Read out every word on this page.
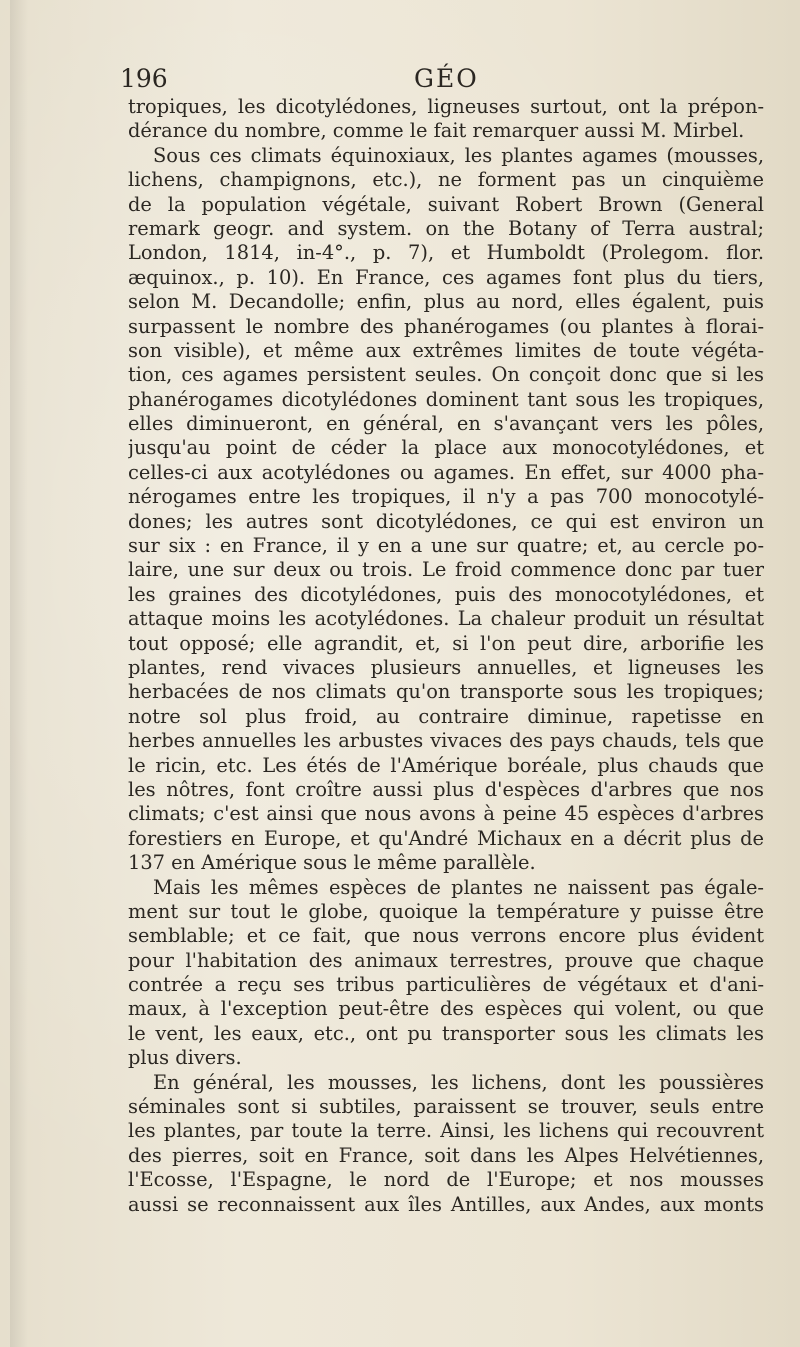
196	GÉO
tropiques, les dicotylédones, ligneuses surtout, ont la prépon-
dérance du nombre, comme le fait remarquer aussi M. Mirbel.
Sous ces climats équinoxiaux, les plantes agames (mousses,
lichens, champignons, etc.), ne forment pas un cinquième
de la population végétale, suivant Robert Brown (General
remark geogr. and system. on the Botany of Terra austral;
London, 1814, in-4°., p. 7), et Humboldt (Prolegom. flor.
æquinox., p. 10). En France, ces agames font plus du tiers,
selon M. Decandolle; enfin, plus au nord, elles égalent, puis
surpassent le nombre des phanérogames (ou plantes à florai-
son visible), et même aux extrêmes limites de toute végéta-
tion, ces agames persistent seules. On conçoit donc que si les
phanérogames dicotylédones dominent tant sous les tropiques,
elles diminueront, en général, en s'avançant vers les pôles,
jusqu'au point de céder la place aux monocotylédones, et
celles-ci aux acotylédones ou agames. En effet, sur 4000 pha-
nérogames entre les tropiques, il n'y a pas 700 monocotylé-
dones; les autres sont dicotylédones, ce qui est environ un
sur six : en France, il y en a une sur quatre; et, au cercle po-
laire, une sur deux ou trois. Le froid commence donc par tuer
les graines des dicotylédones, puis des monocotylédones, et
attaque moins les acotylédones. La chaleur produit un résultat
tout opposé; elle agrandit, et, si l'on peut dire, arborifie les
plantes, rend vivaces plusieurs annuelles, et ligneuses les
herbacées de nos climats qu'on transporte sous les tropiques;
notre sol plus froid, au contraire diminue, rapetisse en
herbes annuelles les arbustes vivaces des pays chauds, tels que
le ricin, etc. Les étés de l'Amérique boréale, plus chauds que
les nôtres, font croître aussi plus d'espèces d'arbres que nos
climats; c'est ainsi que nous avons à peine 45 espèces d'arbres
forestiers en Europe, et qu'André Michaux en a décrit plus de
137 en Amérique sous le même parallèle.
Mais les mêmes espèces de plantes ne naissent pas égale-
ment sur tout le globe, quoique la température y puisse être
semblable; et ce fait, que nous verrons encore plus évident
pour l'habitation des animaux terrestres, prouve que chaque
contrée a reçu ses tribus particulières de végétaux et d'ani-
maux, à l'exception peut-être des espèces qui volent, ou que
le vent, les eaux, etc., ont pu transporter sous les climats les
plus divers.
En général, les mousses, les lichens, dont les poussières
séminales sont si subtiles, paraissent se trouver, seuls entre
les plantes, par toute la terre. Ainsi, les lichens qui recouvrent
des pierres, soit en France, soit dans les Alpes Helvétiennes,
l'Ecosse, l'Espagne, le nord de l'Europe; et nos mousses
aussi se reconnaissent aux îles Antilles, aux Andes, aux monts
